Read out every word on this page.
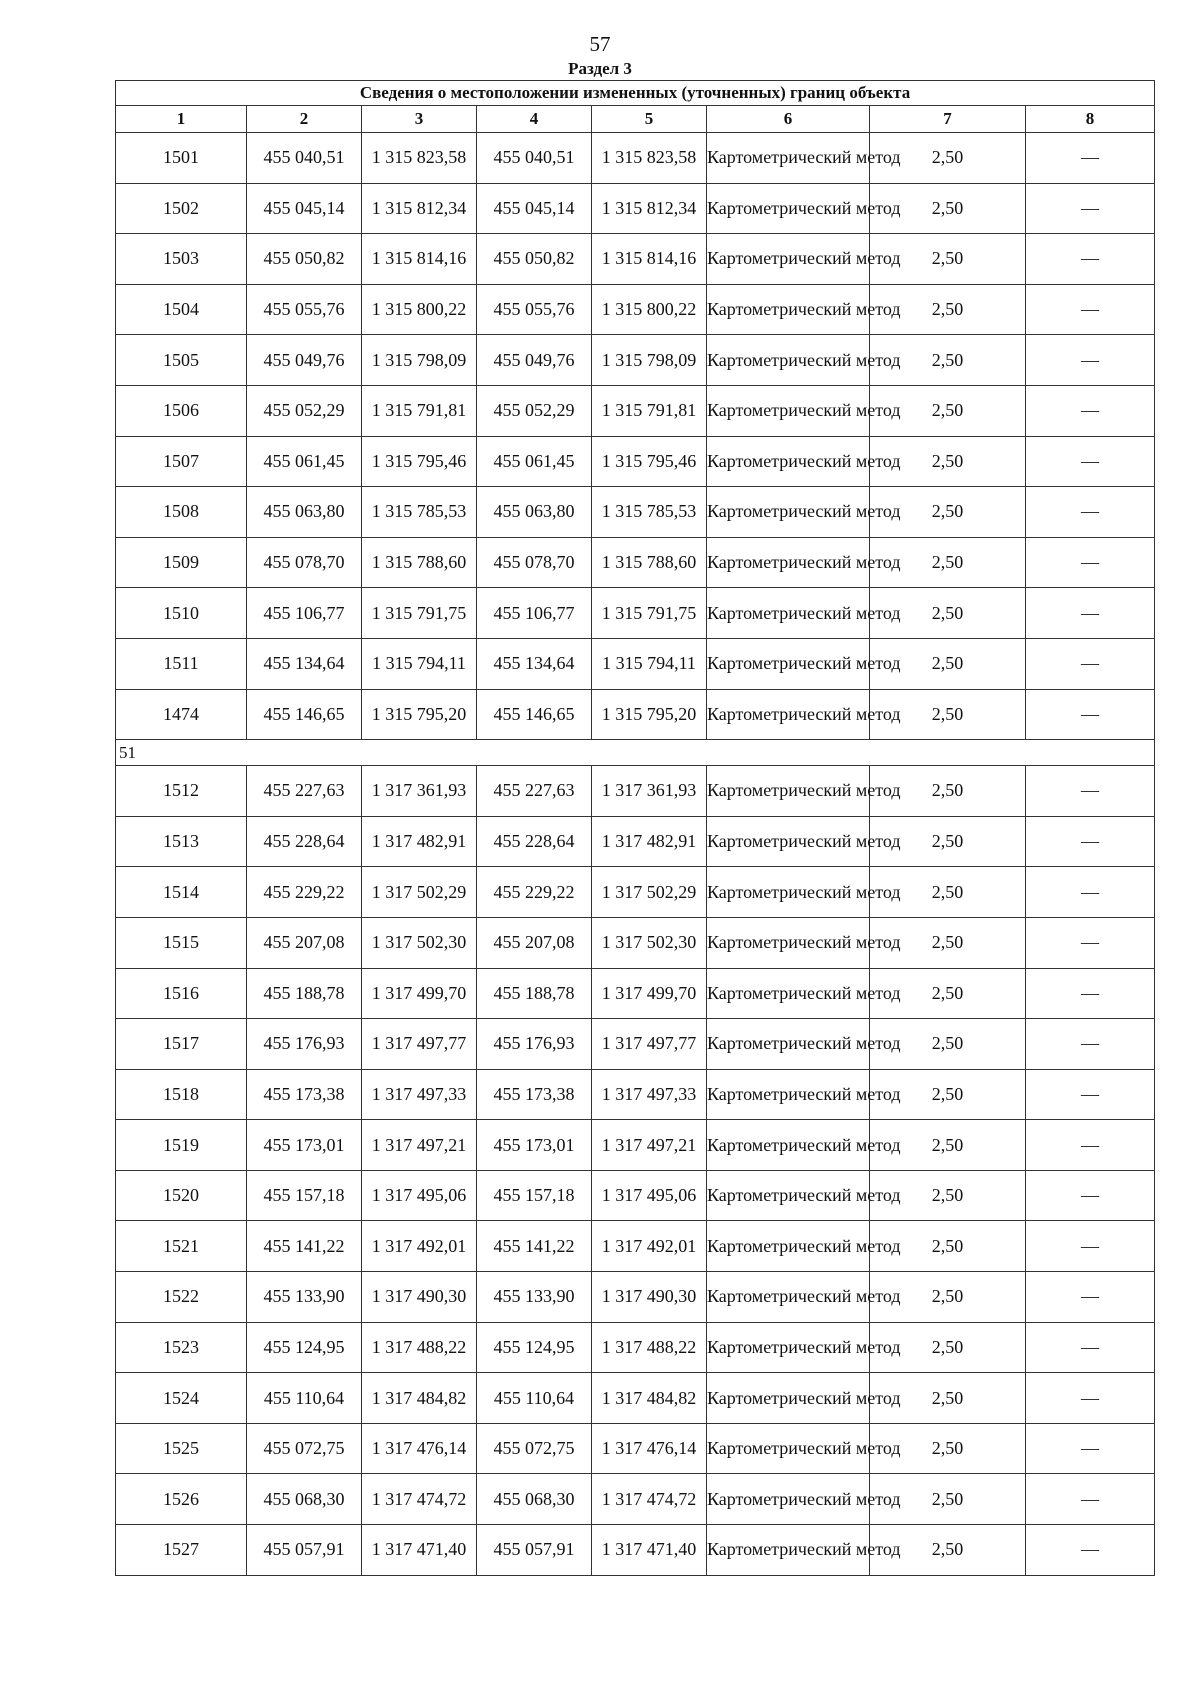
57
Раздел 3
Сведения о местоположении измененных (уточненных) границ объекта							
1	2	3	4	5	6	7	8
1501	455 040,51	1 315 823,58	455 040,51	1 315 823,58	Картометрический метод	2,50	—
1502	455 045,14	1 315 812,34	455 045,14	1 315 812,34	Картометрический метод	2,50	—
1503	455 050,82	1 315 814,16	455 050,82	1 315 814,16	Картометрический метод	2,50	—
1504	455 055,76	1 315 800,22	455 055,76	1 315 800,22	Картометрический метод	2,50	—
1505	455 049,76	1 315 798,09	455 049,76	1 315 798,09	Картометрический метод	2,50	—
1506	455 052,29	1 315 791,81	455 052,29	1 315 791,81	Картометрический метод	2,50	—
1507	455 061,45	1 315 795,46	455 061,45	1 315 795,46	Картометрический метод	2,50	—
1508	455 063,80	1 315 785,53	455 063,80	1 315 785,53	Картометрический метод	2,50	—
1509	455 078,70	1 315 788,60	455 078,70	1 315 788,60	Картометрический метод	2,50	—
1510	455 106,77	1 315 791,75	455 106,77	1 315 791,75	Картометрический метод	2,50	—
1511	455 134,64	1 315 794,11	455 134,64	1 315 794,11	Картометрический метод	2,50	—
1474	455 146,65	1 315 795,20	455 146,65	1 315 795,20	Картометрический метод	2,50	—
51							
1512	455 227,63	1 317 361,93	455 227,63	1 317 361,93	Картометрический метод	2,50	—
1513	455 228,64	1 317 482,91	455 228,64	1 317 482,91	Картометрический метод	2,50	—
1514	455 229,22	1 317 502,29	455 229,22	1 317 502,29	Картометрический метод	2,50	—
1515	455 207,08	1 317 502,30	455 207,08	1 317 502,30	Картометрический метод	2,50	—
1516	455 188,78	1 317 499,70	455 188,78	1 317 499,70	Картометрический метод	2,50	—
1517	455 176,93	1 317 497,77	455 176,93	1 317 497,77	Картометрический метод	2,50	—
1518	455 173,38	1 317 497,33	455 173,38	1 317 497,33	Картометрический метод	2,50	—
1519	455 173,01	1 317 497,21	455 173,01	1 317 497,21	Картометрический метод	2,50	—
1520	455 157,18	1 317 495,06	455 157,18	1 317 495,06	Картометрический метод	2,50	—
1521	455 141,22	1 317 492,01	455 141,22	1 317 492,01	Картометрический метод	2,50	—
1522	455 133,90	1 317 490,30	455 133,90	1 317 490,30	Картометрический метод	2,50	—
1523	455 124,95	1 317 488,22	455 124,95	1 317 488,22	Картометрический метод	2,50	—
1524	455 110,64	1 317 484,82	455 110,64	1 317 484,82	Картометрический метод	2,50	—
1525	455 072,75	1 317 476,14	455 072,75	1 317 476,14	Картометрический метод	2,50	—
1526	455 068,30	1 317 474,72	455 068,30	1 317 474,72	Картометрический метод	2,50	—
1527	455 057,91	1 317 471,40	455 057,91	1 317 471,40	Картометрический метод	2,50	—
